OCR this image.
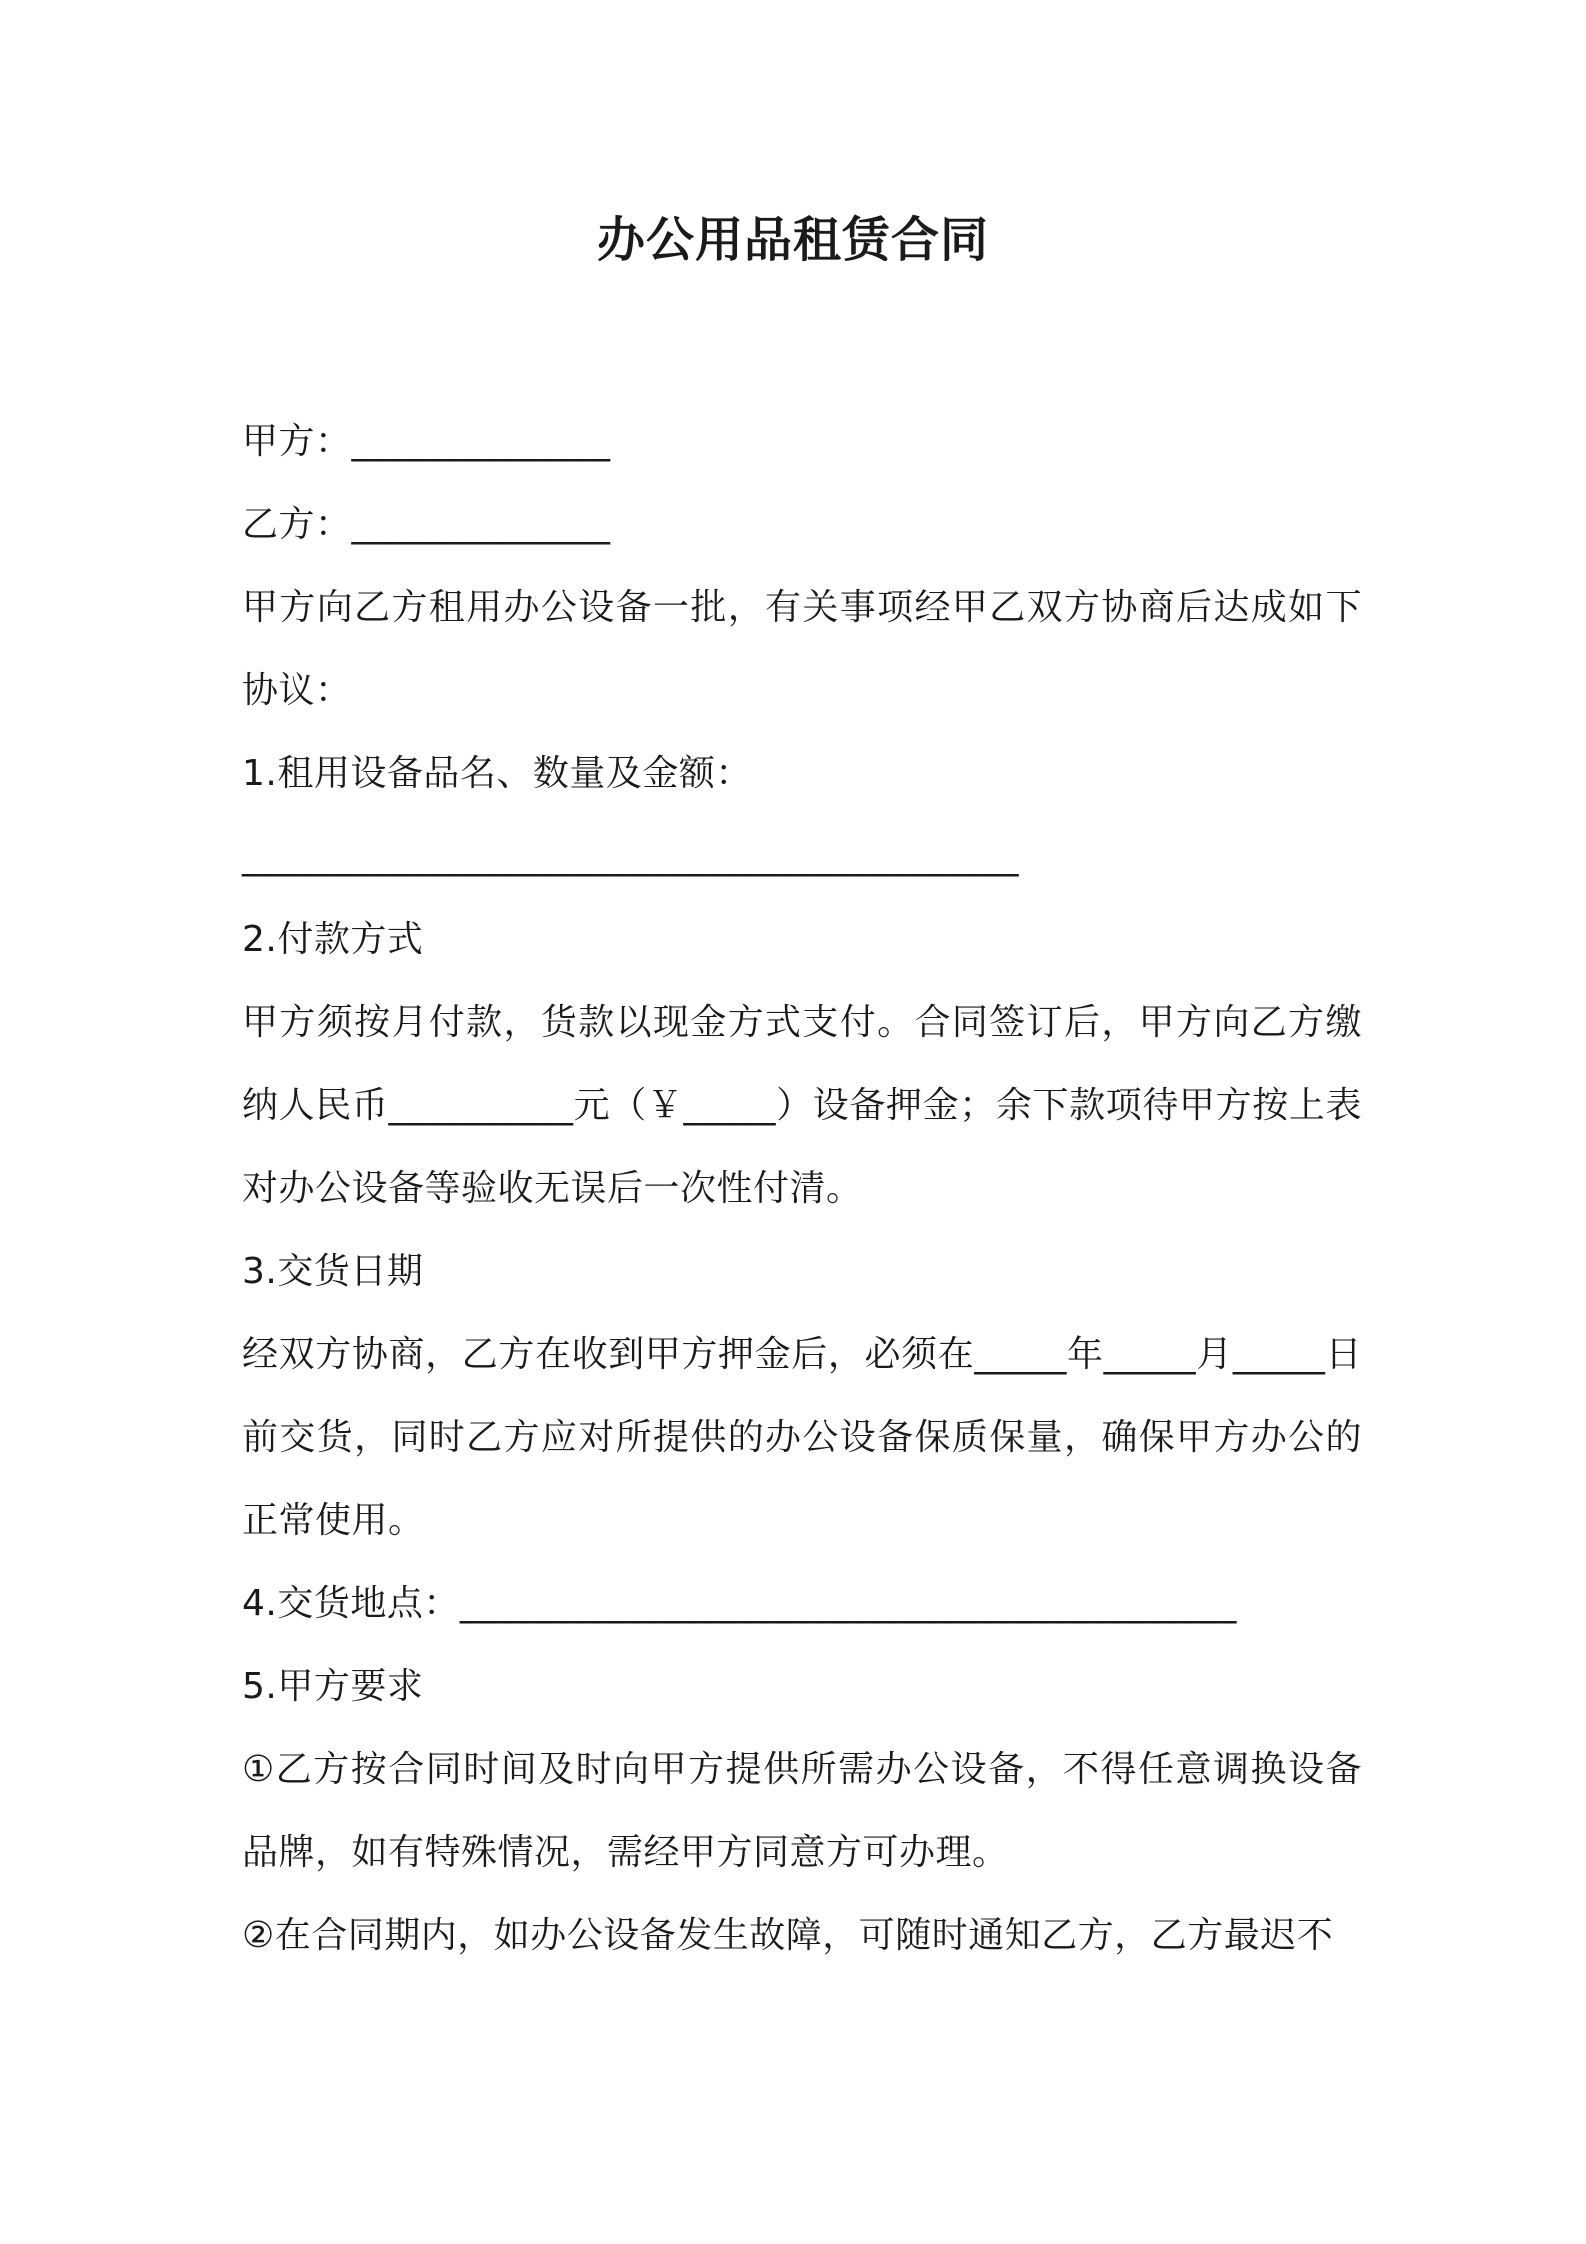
办公用品租赁合同
甲方：______________
乙方：______________
甲方向乙方租用办公设备一批，有关事项经甲乙双方协商后达成如下协议：
1.租用设备品名、数量及金额：
__________________________________________
2.付款方式
甲方须按月付款，货款以现金方式支付。合同签订后，甲方向乙方缴纳人民币__________元（￥_____）设备押金；余下款项待甲方按上表对办公设备等验收无误后一次性付清。
3.交货日期
经双方协商，乙方在收到甲方押金后，必须在_____年_____月_____日前交货，同时乙方应对所提供的办公设备保质保量，确保甲方办公的正常使用。
4.交货地点：__________________________________________
5.甲方要求
①乙方按合同时间及时向甲方提供所需办公设备，不得任意调换设备品牌，如有特殊情况，需经甲方同意方可办理。
②在合同期内，如办公设备发生故障，可随时通知乙方，乙方最迟不
